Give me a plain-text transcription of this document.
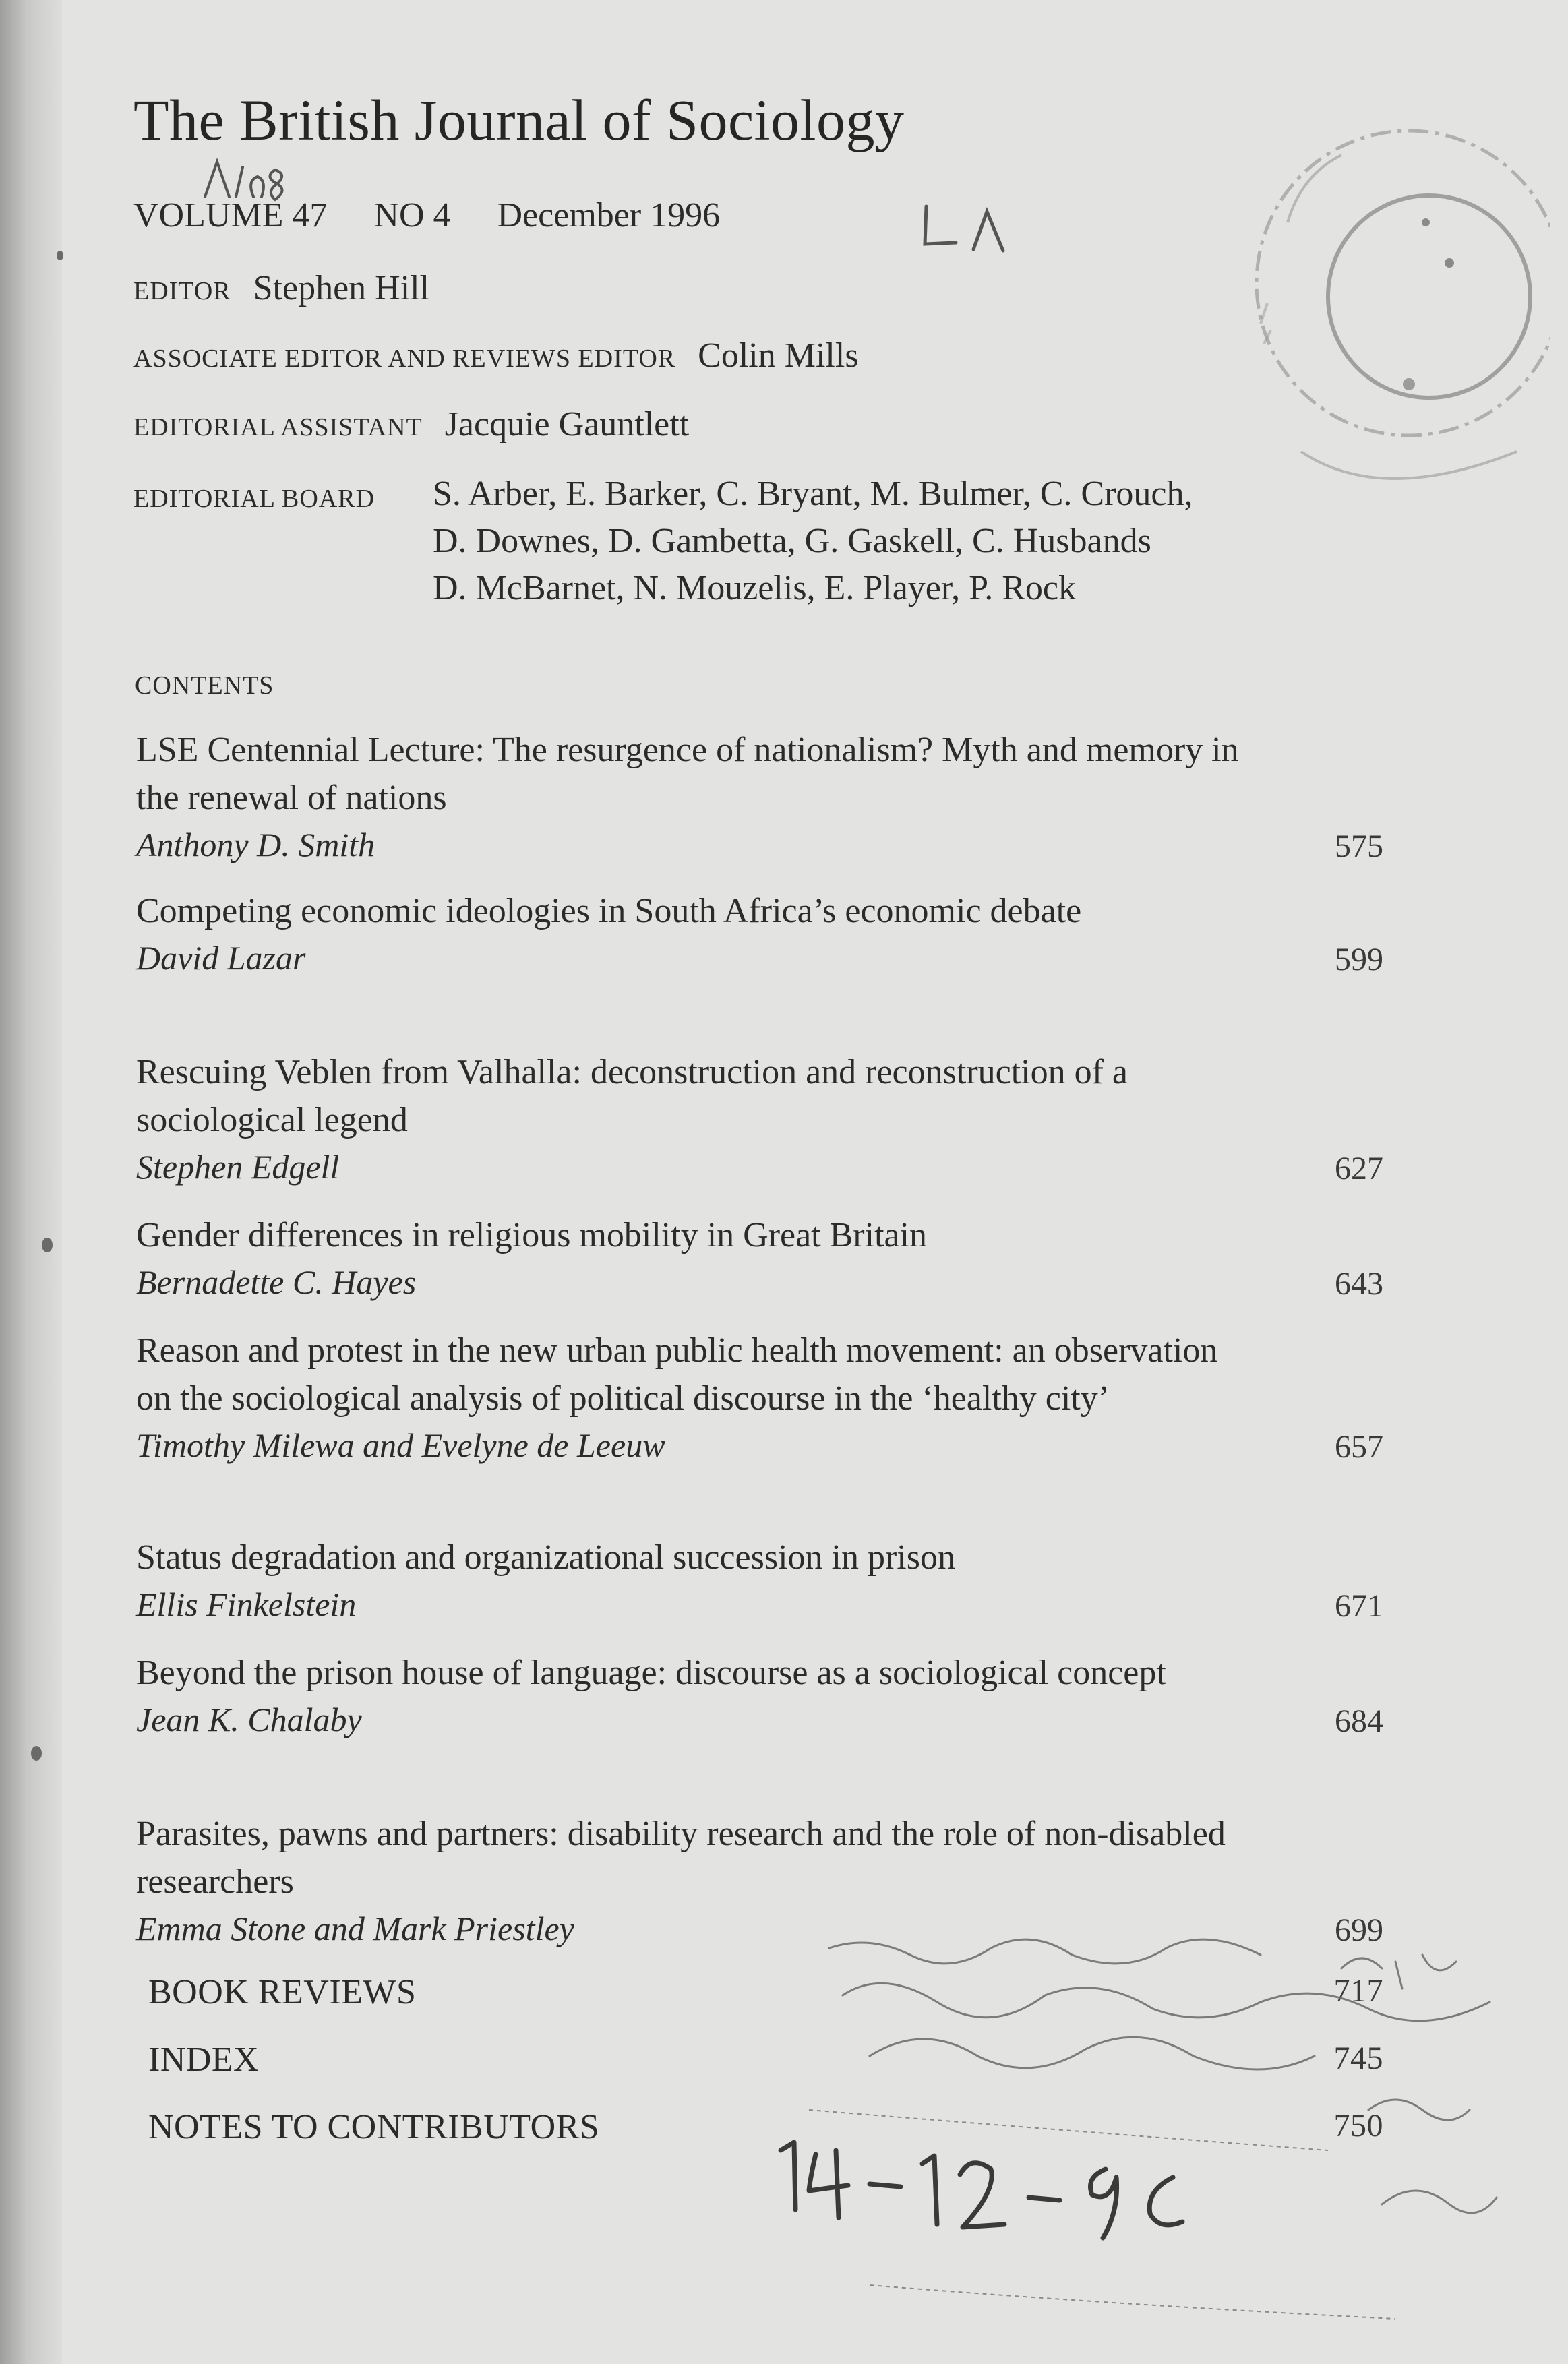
The British Journal of Sociology
VOLUME 47 NO 4 December 1996
EDITOR Stephen Hill
ASSOCIATE EDITOR AND REVIEWS EDITOR Colin Mills
EDITORIAL ASSISTANT Jacquie Gauntlett
EDITORIAL BOARD S. Arber, E. Barker, C. Bryant, M. Bulmer, C. Crouch,
D. Downes, D. Gambetta, G. Gaskell, C. Husbands
D. McBarnet, N. Mouzelis, E. Player, P. Rock
CONTENTS
LSE Centennial Lecture: The resurgence of nationalism? Myth and memory in the renewal of nations
Anthony D. Smith	575
Competing economic ideologies in South Africa’s economic debate
David Lazar	599
Rescuing Veblen from Valhalla: deconstruction and reconstruction of a sociological legend
Stephen Edgell	627
Gender differences in religious mobility in Great Britain
Bernadette C. Hayes	643
Reason and protest in the new urban public health movement: an observation on the sociological analysis of political discourse in the ‘healthy city’
Timothy Milewa and Evelyne de Leeuw	657
Status degradation and organizational succession in prison
Ellis Finkelstein	671
Beyond the prison house of language: discourse as a sociological concept
Jean K. Chalaby	684
Parasites, pawns and partners: disability research and the role of non-disabled researchers
Emma Stone and Mark Priestley	699
BOOK REVIEWS	717
INDEX	745
NOTES TO CONTRIBUTORS	750
